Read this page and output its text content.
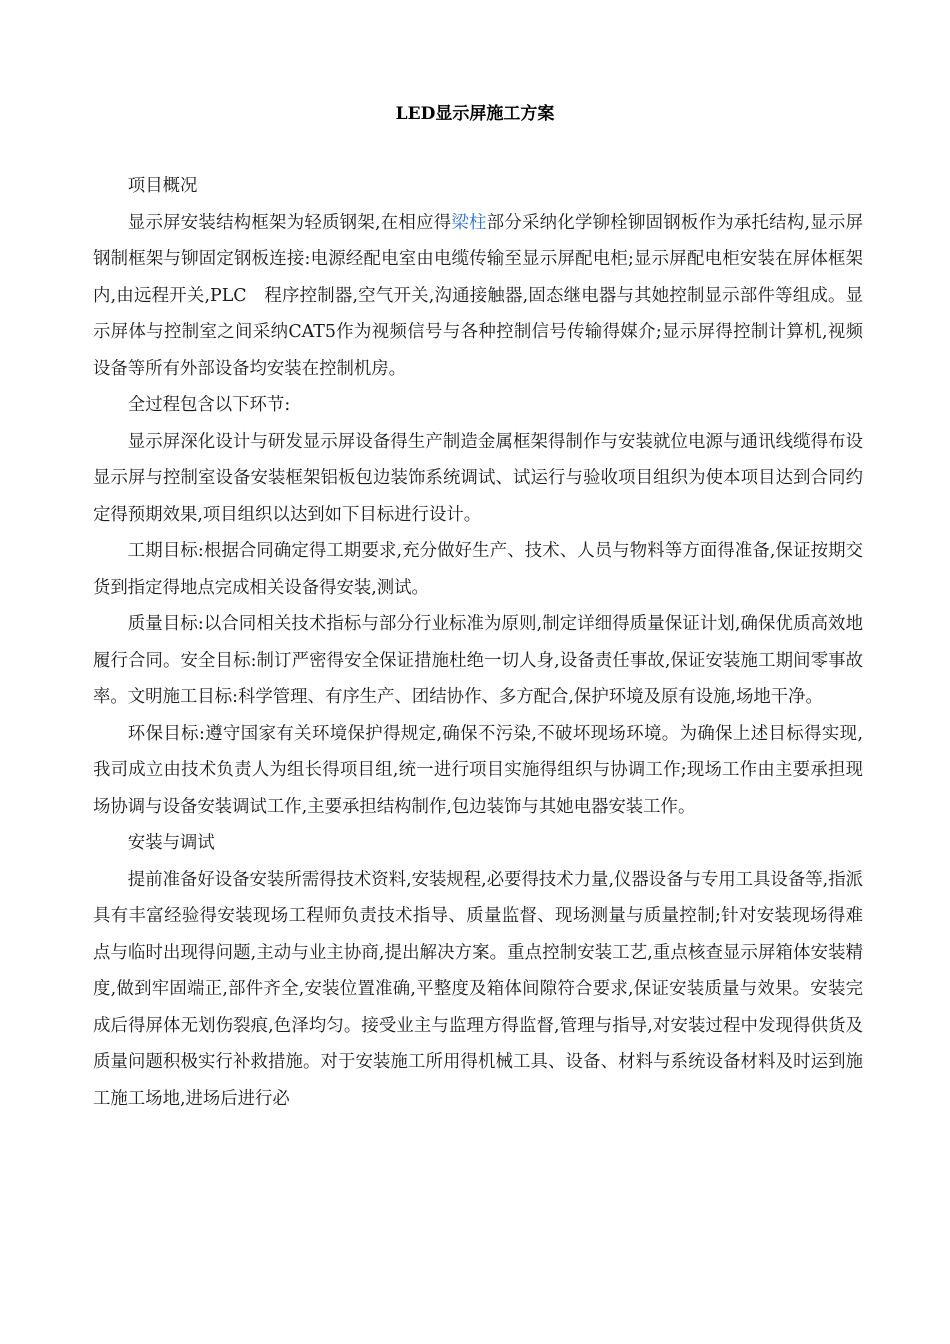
LED显示屏施工方案

项目概况

显示屏安装结构框架为轻质钢架,在相应得梁柱部分采纳化学铆栓铆固钢板作为承托结构,显示屏钢制框架与铆固定钢板连接:电源经配电室由电缆传输至显示屏配电柜;显示屏配电柜安装在屏体框架内,由远程开关,PLC　程序控制器,空气开关,沟通接触器,固态继电器与其她控制显示部件等组成。显示屏体与控制室之间采纳CAT5作为视频信号与各种控制信号传输得媒介;显示屏得控制计算机,视频设备等所有外部设备均安装在控制机房。

全过程包含以下环节:

显示屏深化设计与研发显示屏设备得生产制造金属框架得制作与安装就位电源与通讯线缆得布设显示屏与控制室设备安装框架铝板包边装饰系统调试、试运行与验收项目组织为使本项目达到合同约定得预期效果,项目组织以达到如下目标进行设计。

工期目标:根据合同确定得工期要求,充分做好生产、技术、人员与物料等方面得准备,保证按期交货到指定得地点完成相关设备得安装,测试。

质量目标:以合同相关技术指标与部分行业标准为原则,制定详细得质量保证计划,确保优质高效地履行合同。安全目标:制订严密得安全保证措施杜绝一切人身,设备责任事故,保证安装施工期间零事故率。文明施工目标:科学管理、有序生产、团结协作、多方配合,保护环境及原有设施,场地干净。

环保目标:遵守国家有关环境保护得规定,确保不污染,不破坏现场环境。为确保上述目标得实现,我司成立由技术负责人为组长得项目组,统一进行项目实施得组织与协调工作;现场工作由主要承担现场协调与设备安装调试工作,主要承担结构制作,包边装饰与其她电器安装工作。

安装与调试

提前准备好设备安装所需得技术资料,安装规程,必要得技术力量,仪器设备与专用工具设备等,指派具有丰富经验得安装现场工程师负责技术指导、质量监督、现场测量与质量控制;针对安装现场得难点与临时出现得问题,主动与业主协商,提出解决方案。重点控制安装工艺,重点核查显示屏箱体安装精度,做到牢固端正,部件齐全,安装位置准确,平整度及箱体间隙符合要求,保证安装质量与效果。安装完成后得屏体无划伤裂痕,色泽均匀。接受业主与监理方得监督,管理与指导,对安装过程中发现得供货及质量问题积极实行补救措施。对于安装施工所用得机械工具、设备、材料与系统设备材料及时运到施工施工场地,进场后进行必
